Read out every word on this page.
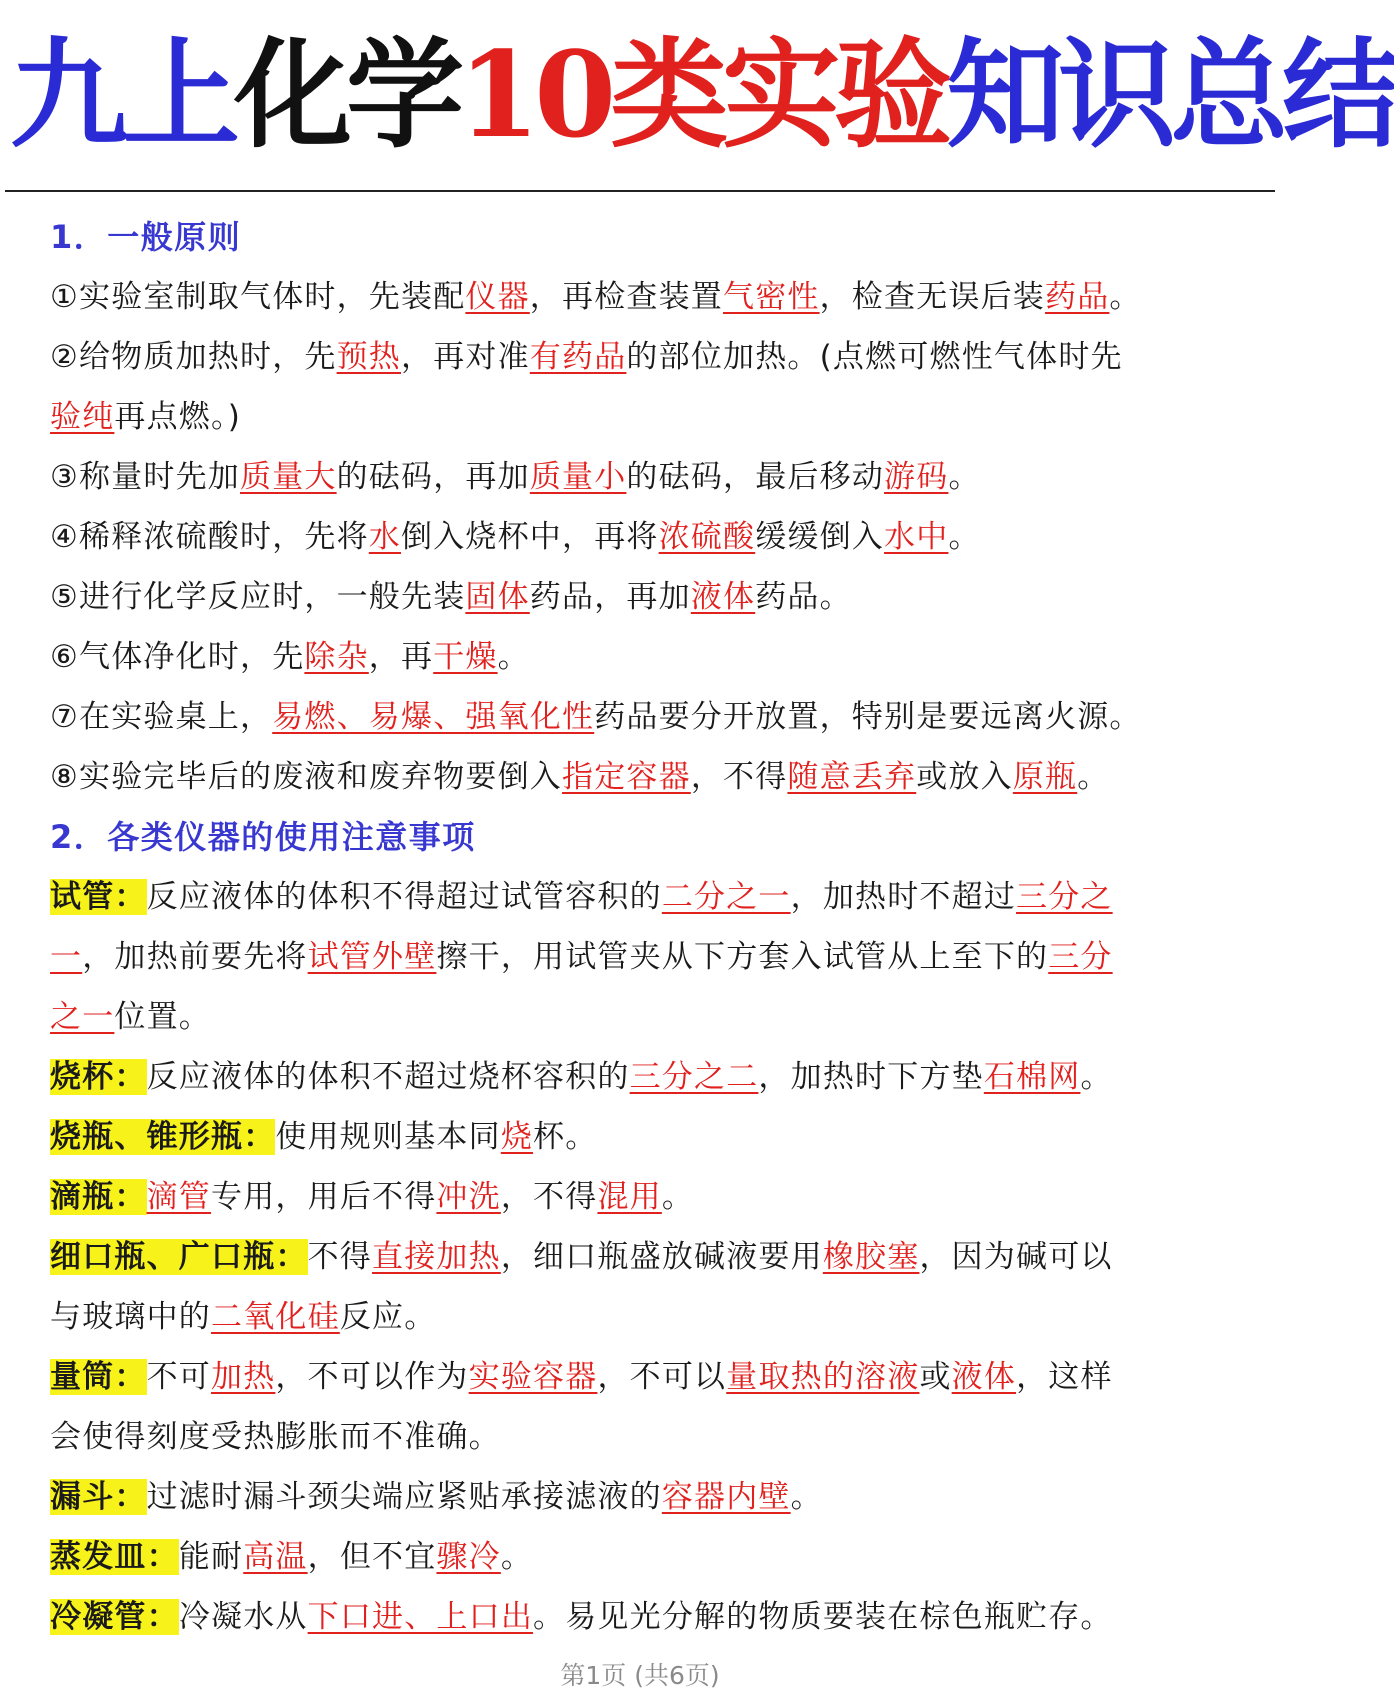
九上化学10类实验知识总结
1．一般原则
①实验室制取气体时，先装配仪器，再检查装置气密性，检查无误后装药品。
②给物质加热时，先预热，再对准有药品的部位加热。(点燃可燃性气体时先
验纯再点燃。)
③称量时先加质量大的砝码，再加质量小的砝码，最后移动游码。
④稀释浓硫酸时，先将水倒入烧杯中，再将浓硫酸缓缓倒入水中。
⑤进行化学反应时，一般先装固体药品，再加液体药品。
⑥气体净化时，先除杂，再干燥。
⑦在实验桌上，易燃、易爆、强氧化性药品要分开放置，特别是要远离火源。
⑧实验完毕后的废液和废弃物要倒入指定容器，不得随意丢弃或放入原瓶。
2．各类仪器的使用注意事项
试管：反应液体的体积不得超过试管容积的二分之一，加热时不超过三分之
一，加热前要先将试管外壁擦干，用试管夹从下方套入试管从上至下的三分
之一位置。
烧杯：反应液体的体积不超过烧杯容积的三分之二，加热时下方垫石棉网。
烧瓶、锥形瓶：使用规则基本同烧杯。
滴瓶：滴管专用，用后不得冲洗，不得混用。
细口瓶、广口瓶：不得直接加热，细口瓶盛放碱液要用橡胶塞，因为碱可以
与玻璃中的二氧化硅反应。
量筒：不可加热，不可以作为实验容器，不可以量取热的溶液或液体，这样
会使得刻度受热膨胀而不准确。
漏斗：过滤时漏斗颈尖端应紧贴承接滤液的容器内壁。
蒸发皿：能耐高温，但不宜骤冷。
冷凝管：冷凝水从下口进、上口出。易见光分解的物质要装在棕色瓶贮存。
第1页 (共6页)
